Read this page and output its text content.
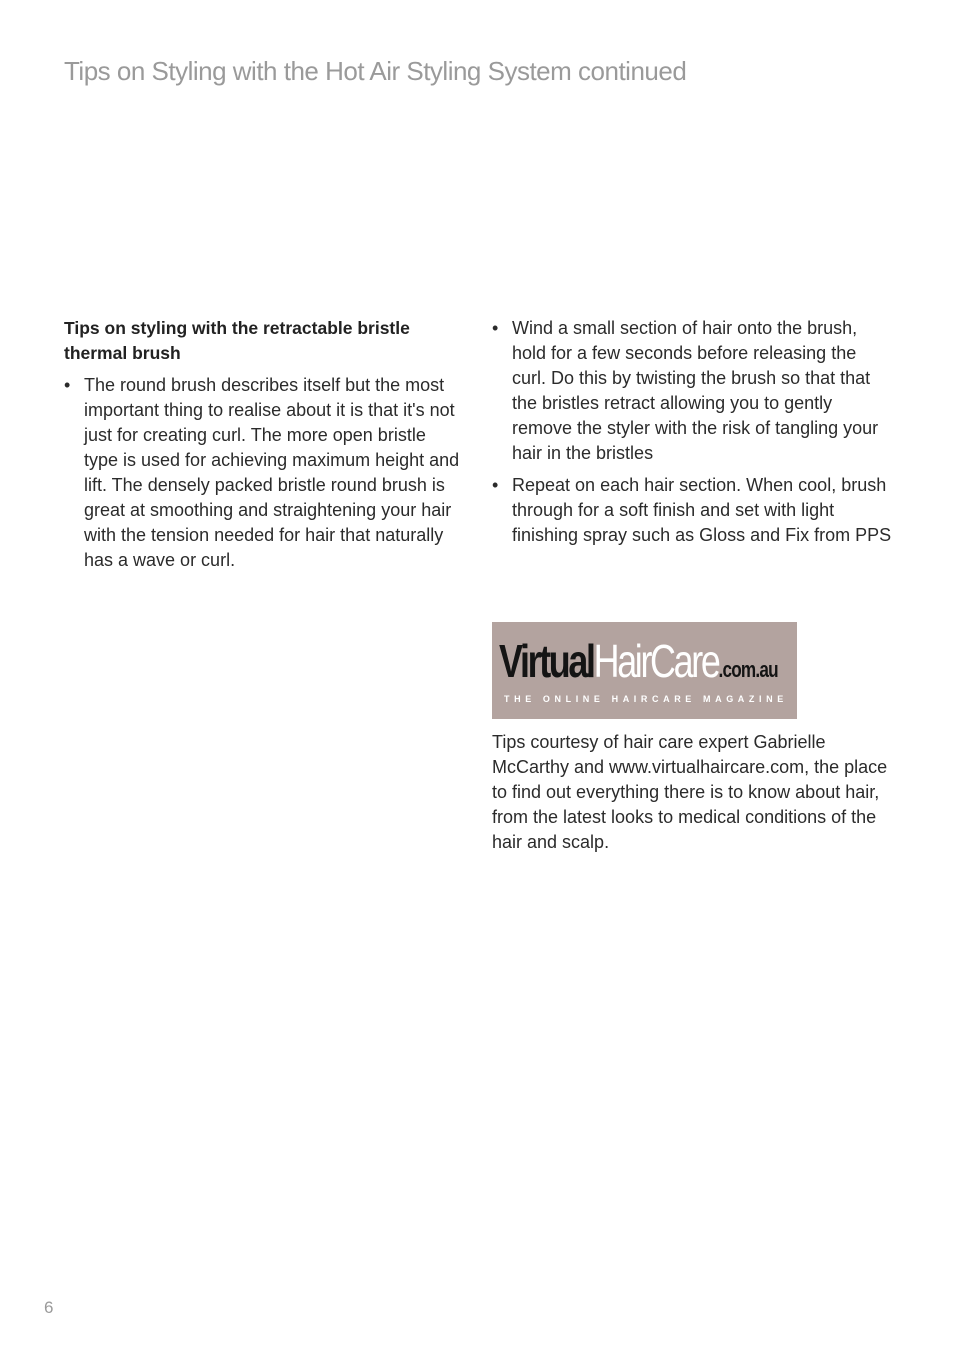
Tips on Styling with the Hot Air Styling System continued
Tips on styling with the retractable bristle thermal brush
• The round brush describes itself but the most important thing to realise about it is that it's not just for creating curl. The more open bristle type is used for achieving maximum height and lift. The densely packed bristle round brush is great at smoothing and straightening your hair with the tension needed for hair that naturally has a wave or curl.
• Wind a small section of hair onto the brush, hold for a few seconds before releasing the curl. Do this by twisting the brush so that that the bristles retract allowing you to gently remove the styler with the risk of tangling your hair in the bristles
• Repeat on each hair section. When cool, brush through for a soft finish and set with light finishing spray such as Gloss and Fix from PPS
VirtualHairCare.com.au
THE ONLINE HAIRCARE MAGAZINE

Tips courtesy of hair care expert Gabrielle McCarthy and www.virtualhaircare.com, the place to find out everything there is to know about hair, from the latest looks to medical conditions of the hair and scalp.

6
